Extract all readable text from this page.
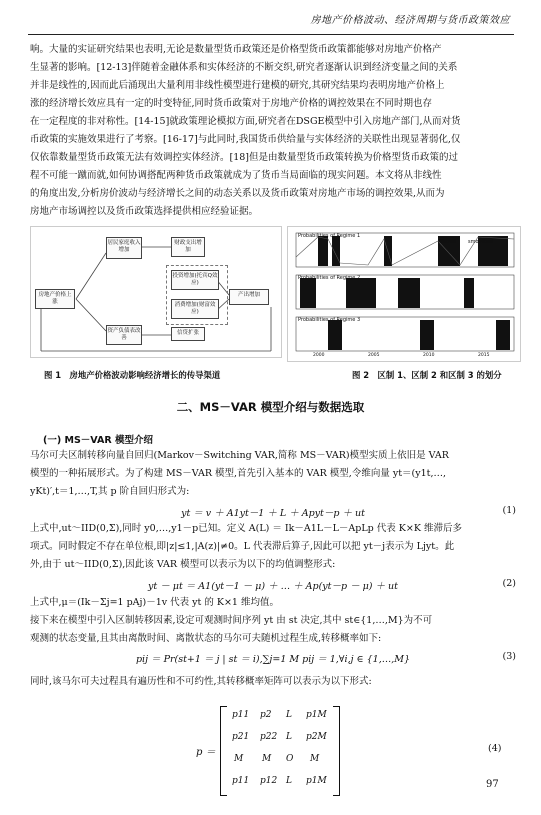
房地产价格波动、经济周期与货币政策效应

响。大量的实证研究结果也表明,无论是数量型货币政策还是价格型货币政策都能够对房地产价格产

生显著的影响。[12-13]伴随着金融体系和实体经济的不断交织,研究者逐渐认识到经济变量之间的关系

并非是线性的,因而此后涌现出大量利用非线性模型进行建模的研究,其研究结果均表明房地产价格上

涨的经济增长效应具有一定的时变特征,同时货币政策对于房地产价格的调控效果在不同时期也存

在一定程度的非对称性。[14-15]就政策理论模拟方面,研究者在DSGE模型中引入房地产部门,从而对货

币政策的实施效果进行了考察。[16-17]与此同时,我国货币供给量与实体经济的关联性出现显著弱化,仅

仅依靠数量型货币政策无法有效调控实体经济。[18]但是由数量型货币政策转换为价格型货币政策的过

程不可能一蹴而就,如何协调搭配两种货币政策就成为了货币当局面临的现实问题。本文将从非线性

的角度出发,分析房价波动与经济增长之间的动态关系以及货币政策对房地产市场的调控效果,从而为

房地产市场调控以及货币政策选择提供相应经验证据。

房地产价格上涨
居民家庭收入增加
财政支出增加
投资增加(托宾Q效应)
消费增加(财富效应)
产出增加
资产负债表改善
信贷扩张
图 1　房地产价格波动影响经济增长的传导渠道
Probabilities of Regime 1
Probabilities of Regime 2
Probabilities of Regime 3
filtered smoothed
2000	2005	2010	2015
图 2　区制 1、区制 2 和区制 3 的划分
二、MS－VAR 模型介绍与数据选取
(一) MS－VAR 模型介绍

马尔可夫区制转移向量自回归(Markov－Switching VAR,简称 MS－VAR)模型实质上依旧是 VAR

模型的一种拓展形式。为了构建 MS－VAR 模型,首先引入基本的 VAR 模型,令维向量 yt＝(y1t,…,

yKt)′,t＝1,…,T,其 p 阶自回归形式为:

yt ＝ v ＋ A1yt－1 ＋ L ＋ Apyt－p ＋ ut	(1)

上式中,ut～IID(0,Σ),同时 y0,…,y1－p已知。定义 A(L) ＝ Ik－A1L－L－ApLp 代表 K×K 维滞后多

项式。同时假定不存在单位根,即|z|≤1,|A(z)|≠0。L 代表滞后算子,因此可以把 yt－j表示为 Ljyt。此

外,由于 ut～IID(0,Σ),因此该 VAR 模型可以表示为以下的均值调整形式:

yt － μt ＝ A1(yt－1 － μ) ＋ … ＋ Ap(yt－p － μ) ＋ ut	(2)

上式中,μ＝(Ik－Σj=1 pAj)－1v 代表 yt 的 K×1 维均值。

接下来在模型中引入区制转移因素,设定可观测时间序列 yt 由 st 决定,其中 st∈{1,…,M}为不可

观测的状态变量,且其由离散时间、离散状态的马尔可夫随机过程生成,转移概率如下:

pij ＝ Pr(st+1 ＝ j | st ＝ i),∑j=1 M pij ＝ 1,∀i,j ∈ {1,…,M}	(3)

同时,该马尔可夫过程具有遍历性和不可约性,其转移概率矩阵可以表示为以下形式:

p ＝
p11 p2 L p1M
p21 p22 L p2M
M M O M
p11 p12 L p1M
(4)
97
